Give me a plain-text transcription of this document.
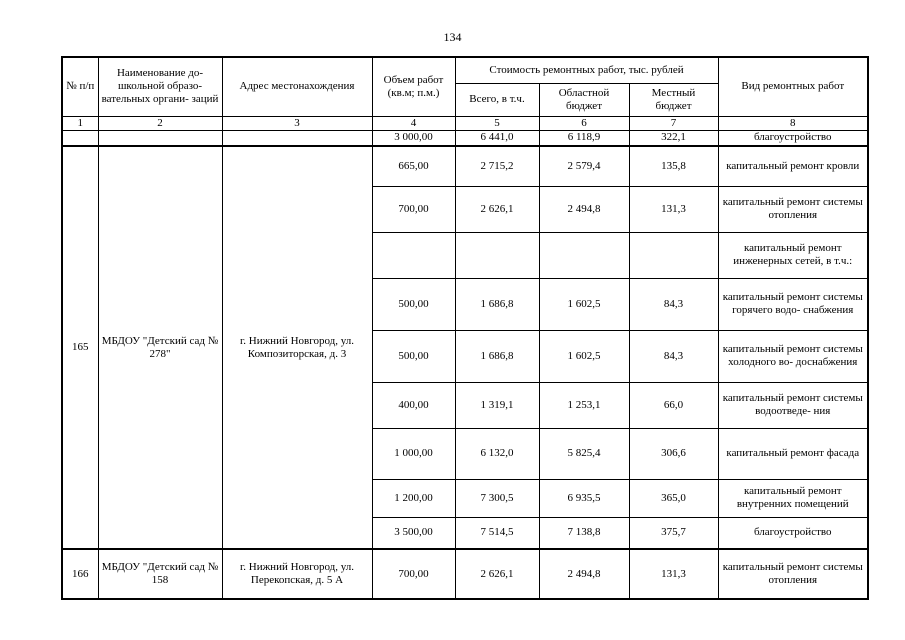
134
№ п/п	Наименование до- школьной образо- вательных органи- заций	Адрес местонахождения	Объем работ (кв.м; п.м.)	Стоимость ремонтных работ, тыс. рублей			Вид ремонтных работ
				Всего, в т.ч.	Областной бюджет	Местный бюджет	
1	2	3	4	5	6	7	8
			3 000,00	6 441,0	6 118,9	322,1	благоустройство
165	МБДОУ "Детский сад № 278"	г. Нижний Новгород, ул. Композиторская, д. 3	665,00	2 715,2	2 579,4	135,8	капитальный ремонт кровли
			700,00	2 626,1	2 494,8	131,3	капитальный ремонт системы отопления
							капитальный ремонт инженерных сетей, в т.ч.:
			500,00	1 686,8	1 602,5	84,3	капитальный ремонт системы горячего водо- снабжения
			500,00	1 686,8	1 602,5	84,3	капитальный ремонт системы холодного во- доснабжения
			400,00	1 319,1	1 253,1	66,0	капитальный ремонт системы водоотведе- ния
			1 000,00	6 132,0	5 825,4	306,6	капитальный ремонт фасада
			1 200,00	7 300,5	6 935,5	365,0	капитальный ремонт внутренних помещений
			3 500,00	7 514,5	7 138,8	375,7	благоустройство
166	МБДОУ "Детский сад № 158	г. Нижний Новгород, ул. Перекопская, д. 5 А	700,00	2 626,1	2 494,8	131,3	капитальный ремонт системы отопления
